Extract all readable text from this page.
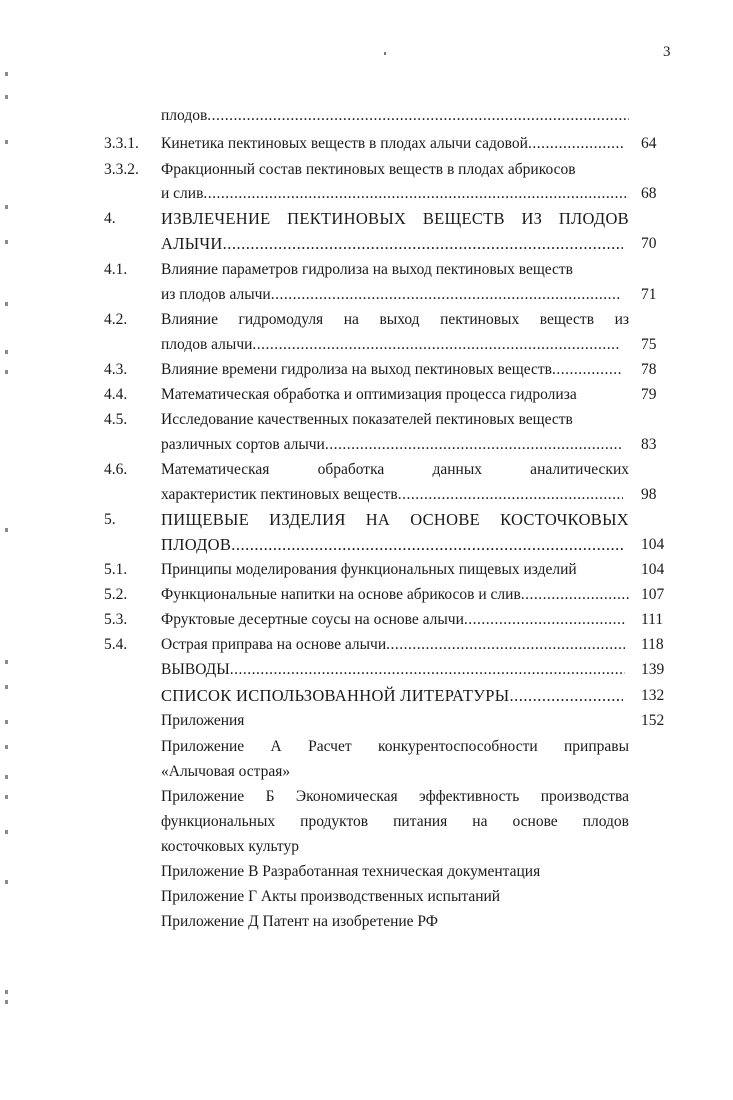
3
плодов .....
3.3.1. Кинетика пектиновых веществ в плодах алычи садовой .....	64
3.3.2. Фракционный состав пектиновых веществ в плодах абрикосов
и слив .....	68
4.	ИЗВЛЕЧЕНИЕ ПЕКТИНОВЫХ ВЕЩЕСТВ ИЗ ПЛОДОВ
АЛЫЧИ .....	70
4.1. Влияние параметров гидролиза на выход пектиновых веществ
из плодов алычи .....	71
4.2. Влияние гидромодуля на выход пектиновых веществ из
плодов алычи .....	75
4.3. Влияние времени гидролиза на выход пектиновых веществ .....	78
4.4. Математическая обработка и оптимизация процесса гидролиза	79
4.5. Исследование качественных показателей пектиновых веществ
различных сортов алычи .....	83
4.6. Математическая обработка данных аналитических
характеристик пектиновых веществ .....	98
5.	ПИЩЕВЫЕ ИЗДЕЛИЯ НА ОСНОВЕ КОСТОЧКОВЫХ
ПЛОДОВ .....	104
5.1. Принципы моделирования функциональных пищевых изделий	104
5.2. Функциональные напитки на основе абрикосов и слив .....	107
5.3. Фруктовые десертные соусы на основе алычи .....	111
5.4. Острая приправа на основе алычи .....	118
ВЫВОДЫ .....	139
СПИСОК ИСПОЛЬЗОВАННОЙ ЛИТЕРАТУРЫ .....	132
Приложения	152
Приложение А Расчет конкурентоспособности приправы
«Алычовая острая»
Приложение Б Экономическая эффективность производства
функциональных продуктов питания на основе плодов
косточковых культур
Приложение В Разработанная техническая документация
Приложение Г Акты производственных испытаний
Приложение Д Патент на изобретение РФ
